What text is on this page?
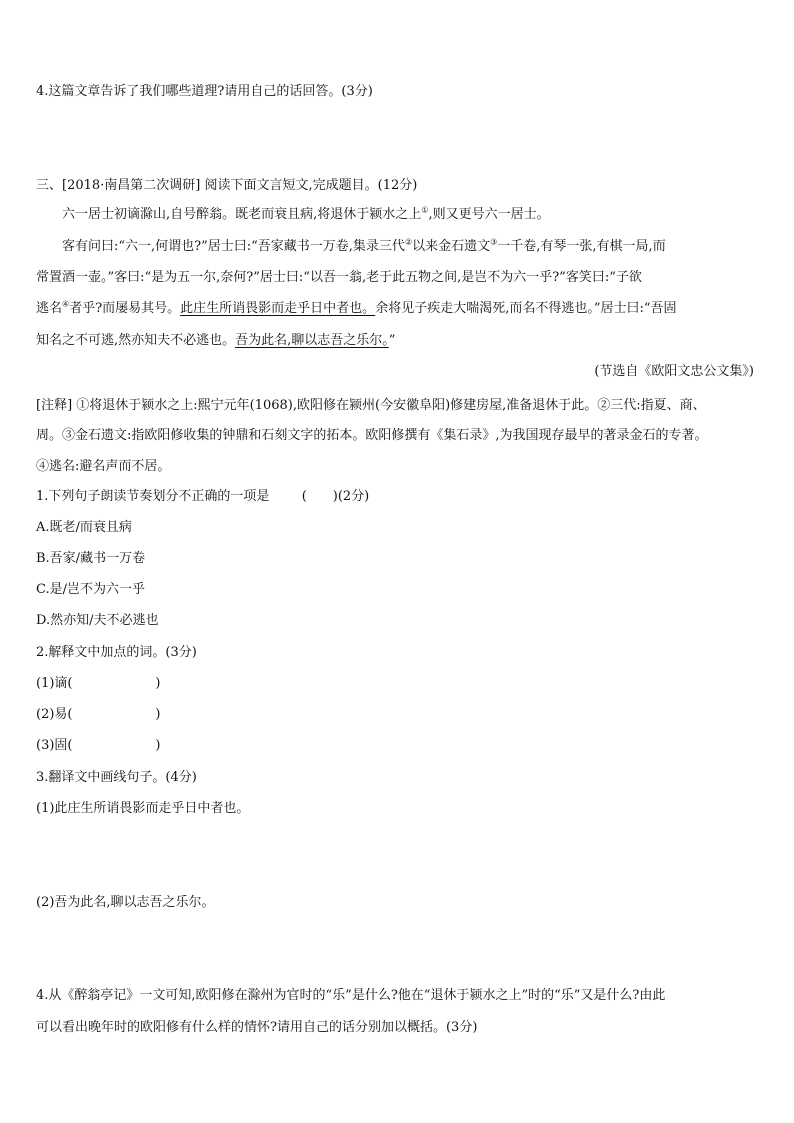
4.这篇文章告诉了我们哪些道理?请用自己的话回答。(3分)
三、[2018·南昌第二次调研] 阅读下面文言短文,完成题目。(12分)
六一居士初谪滁山,自号醉翁。既老而衰且病,将退休于颍水之上①,则又更号六一居士。
客有问曰:“六一,何谓也?”居士曰:“吾家藏书一万卷,集录三代②以来金石遗文③一千卷,有琴一张,有棋一局,而
常置酒一壶。”客曰:“是为五一尔,奈何?”居士曰:“以吾一翁,老于此五物之间,是岂不为六一乎?”客笑曰:“子欲
逃名④者乎?而屡易其号。此庄生所诮畏影而走乎日中者也。余将见子疾走大喘渴死,而名不得逃也。”居士曰:“吾固
知名之不可逃,然亦知夫不必逃也。吾为此名,聊以志吾之乐尔。”
(节选自《欧阳文忠公文集》)
[注释] ①将退休于颍水之上:熙宁元年(1068),欧阳修在颍州(今安徽阜阳)修建房屋,准备退休于此。②三代:指夏、商、
周。③金石遗文:指欧阳修收集的钟鼎和石刻文字的拓本。欧阳修撰有《集石录》,为我国现存最早的著录金石的专著。
④逃名:避名声而不居。
1.下列句子朗读节奏划分不正确的一项是 (　　)(2分)
A.既老/而衰且病
B.吾家/藏书一万卷
C.是/岂不为六一乎
D.然亦知/夫不必逃也
2.解释文中加点的词。(3分)
(1)谪(	)
(2)易(	)
(3)固(	)
3.翻译文中画线句子。(4分)
(1)此庄生所诮畏影而走乎日中者也。
(2)吾为此名,聊以志吾之乐尔。
4.从《醉翁亭记》一文可知,欧阳修在滁州为官时的“乐”是什么?他在“退休于颍水之上”时的“乐”又是什么?由此
可以看出晚年时的欧阳修有什么样的情怀?请用自己的话分别加以概括。(3分)
